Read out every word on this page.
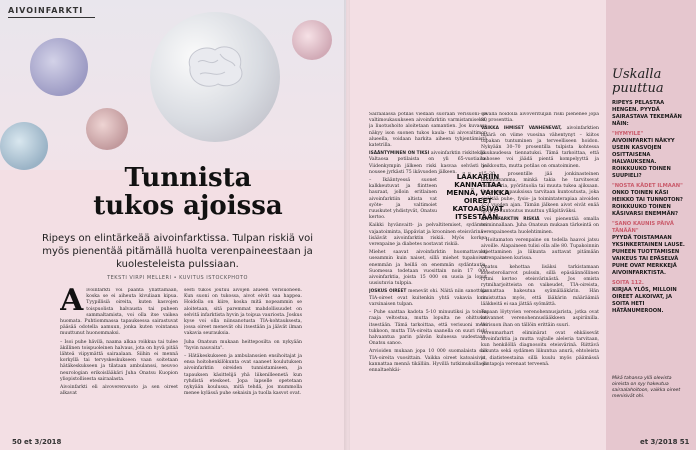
AIVOINFARKTI
Tunnista
tukos ajoissa
Ripeys on elintärkeää aivoinfarktissa. Tulpan riskiä voi myös pienentää pitämällä huolta verenpaineestaan ja kuolesteleista pulssiaan.
TEKSTI VIRPI MELLERI • KUVITUS ISTOCKPHOTO

Aivoinfarkti voi pääntä yllättämään, koska se ei aiheuta kivuliaan kipua. Tyypillisiä oireita, kuten kasvojen toispuolista halvausta tai puheen sammaltamista, voi olla itse vaikea huomata. Puhtiommassa tapauksessa sairastuvat pääsää odotella aamuun, jonka kuten vointansa muuttunut huonommaksi.

– Isoi puhe hävilä, naama alkaa roikkua tai tulee äkillinen toispuoleinen halvaus, jota on hyvä pitää lähteä viipymättä sairaalaan. Siihin ei mennä korkyllä tai tervyskeskukseen vaan soitetaan hätäkeskukseen ja tilataan ambulanssi, neuvoo neurologian erikoislääkäri Juha Onatsu Kuopion yliopistollisesta sairaalasta.

Aivoinfarkti eli aivoverenvuoto ja sen oireet alkavat

sesti tukos joutuu aivojen alueen verisuoneen. Kun suoni on tukossa, aivot eivät saa happea. Hoidolla on kiire, koska mitä nopeammin se aloitetaan, sitä paremmat mahdollisuudet on selvitä infarktista hyvin ja toipua vauriosta. Joskus kyse voi olla niinsanotusta TIA-kohtauksesta, jossa oireet menevät ohi itsestään ja jäävät ilman vakavia seurauksia.

Juha Onatsun mukaan heitteposilta on nykyään "hyvin nauvaita".

– Hätäkeskukseen ja ambulanssien ensihoitajat ja ensa hoitohenkilökunta ovat saaneet koulutuksen aivoinfarktin oireiden tunnistamiseen, ja tapauksen käsittelijä yhä liikenilleenetä kun ryhdistä eteskeet. Jopa lapselle opetetaan nykyään koulussa, mitä tehdä, jos mummolla menee kylässä puhe sekaisin ja tuolla kasvot ovat.

50 et 3/2018

Sairaalassa potilas viedään suoraan verisuoni- ja valtimoukauukseen aivoinfarktin varmistamiseksi, ja liuotushoito aloitetaan samantien. Jos kuvassa näkyy ison suonen tukos kaula- tai aivovaltimon alueella, voidaan harkita aiheen tyhjentämistä katetrilla.

ISÄÄNTYMINEN ON TIKSI aivoinfarktin riskitekijä. Valtaosa potilaista on yli 65-vuotiaita. Viidenkympin jälkeen riski kasvaa selvästi ja nousee jyrkästi 75 ikävuoden jälkeen.

– Ikääntyessä suonet kalkkeutuvat ja flintteen hauraat, jolloin eritlainen aivoinfarktiin altista vat syöte- ja valtimoiet ruuskutet yhdistyvät, Onatsu kertoo.

Kaikki hyvänvaitt- ja pelvaltitemiset, sydämen vajaatoiminta, läppäviat ja krooninen eteisvärinä – lisäävät aivoinfarktin riskiä. Myös korkea verenpaine ja diabetes nostavat riskiä.

Miehet saavat aivoinfarktin huomattavasti useammin kuin naiset, sillä miehet tupakoivat enemmän ja heillä on enemmän sydäntautia. Suomessa todetaan vuosittain noin 17 000 aivoinfarktia, joista 15 000 on uusia ja loput uusiutuvia tulppia.

JOSKUS OIREET menevät ohi. Näitä niin sanottuja TIA-oireet ovat kuitenkin yhtä vakavia kuin varsinaisen tulpan.

– Puhe saattaa kadota 5-10 minuutiksi ja toinen raaja veltostua, mutta lopulta ne ohittuvat itsestään. Tämä tarkoittaa, että verisuoni meni tukkoon, mutta TIA-oireita saanella on suuri riski halvaantua parin päivän kuluessa uudestaan, Onatsu sanoo.

Arvioiden mukaan jopa 10 000 suomalaista saa TIA-oireita vuosittain. Vaikka oireet katoaisivat, kannattaa mennä tikälliin. Hyvillä tutkimuksilla ja ennaltaehkäi-

LÄÄKÄRIIN KANNATTAA MENNÄ, VAIKKA OIREET KATOAISIVAT ITSESTÄÄN.

sevällä hoidolla aivoverituljan riski pienenee jopa 80 prosenttia.

VAIKKA IHMISET VANHENEVAT, aivoinfarktien määrä on viime vuosina vähentynyt – kiitos tupakan tuntuminen ja terveelliseen hoidon. Nykyään 30–70 prosentilla tulpista kohtessa kuukaudessa tiennatuksi. Tämä tarkoittaa, että kehosee voi jäädä pientä kompelyyttä ja heikkoutta, mutta potilas on omatoiminen.

15–30 prosentille jää jonkinasteinen liikuntavamma, minkä takia he tarvitsevat rollaattoria, pyörätuolia tai muuta tukea ajiksaan. Vaikeissa tapauksissa tarvitaan kuntoutusta, joka sisältää puhe-, fysio- ja toimintaterapiaa aivoiden 2–3 vuoden ajan. Tämän jälkeen aivot eivät enää toivu ja kuntoutus muuttuu ylläpitäväksi.

AIVOINFARKTIN RISKIÄ voi pienentää omalla toiminnallaan. Juha Onatsun mukaan tärkeintä on verenpaineesta huolehtiminen.

– Hoitamaton verenpaine on todella haavoi jatsu aivoille. Alapaineen tulisi olla alle 80. Tupakoinnin lopettaminen ja liikunta auttavat pitämään verenpaineen kurissa.

Onatsu kehottaa lisäksi tarkistamaan kolesteroliarvot pulssin, sillä epäsäännöllinen rytmi kertoo eteisvärinästä. Jos omista rytmiharjoitteista on vaikeudet, TIA-oireista, kannattaa hakeutua syämälääkärin. Hän muistuttaa myös, että lääkärin määräämiä lääkkeitä ei saa jättää syömättä.

Tapaan löytyvien verenohennusjarista, jotka ovat keivannet verenohennuslääkkeen aspiriinilla. Verisuon ihan on tällöin erittäin suuri.

Verenmarhart eliminärat ovat ehkäisevät aivoinfarktia ja mutta vajtalle aleleria tarvitaan, kun henkilöllä diagnosoitu eteisvärinä. Riittävä liikunta sekä sydämen liikuntua anurä, ehtoleista ja diatisteestaina sillä kuulu myös päämässä elintapoja verenaat terveenä.

Uskalla puuttua

RIPEYS PELASTAA HENGEN. PYYDÄ SAIRASTAVA TEKEMÄÄN NÄIN:

"HYMYILE"
AIVOINFARKTI NÄKYY USEIN KASVOJEN OSITTAISENA HALVAUKSENA. ROIKKUUKO TOINEN SUUPIELI?

"NOSTA KÄDET ILMAAN"
ONKO TOINEN KÄSI HEIKKO TAI TUNNOTON? ROIKKUUKO TOINEN KÄSIVARSI ENEMMÄN?

"SANO KAUNIS PÄIVÄ TÄNÄÄN"
PYYDÄ TOISTAMAAN YKSINKERTAINEN LAUSE. PUHEEN TUOTTAMISEN VAIKEUS TAI EPÄSELVÄ PUHE OVAT MERKKEJÄ AIVOINFARKTISTA.

SOITA 112.
KIRJAA YLÖS, MILLOIN OIREET ALKOIVAT, JA SOITA HETI HÄTÄNUMEROON.

Mikä tahansa yllä olevista oireista on syy hakeutua sairaalahoitoon, vaikka oireet menisivät ohi.
et 3/2018 51
